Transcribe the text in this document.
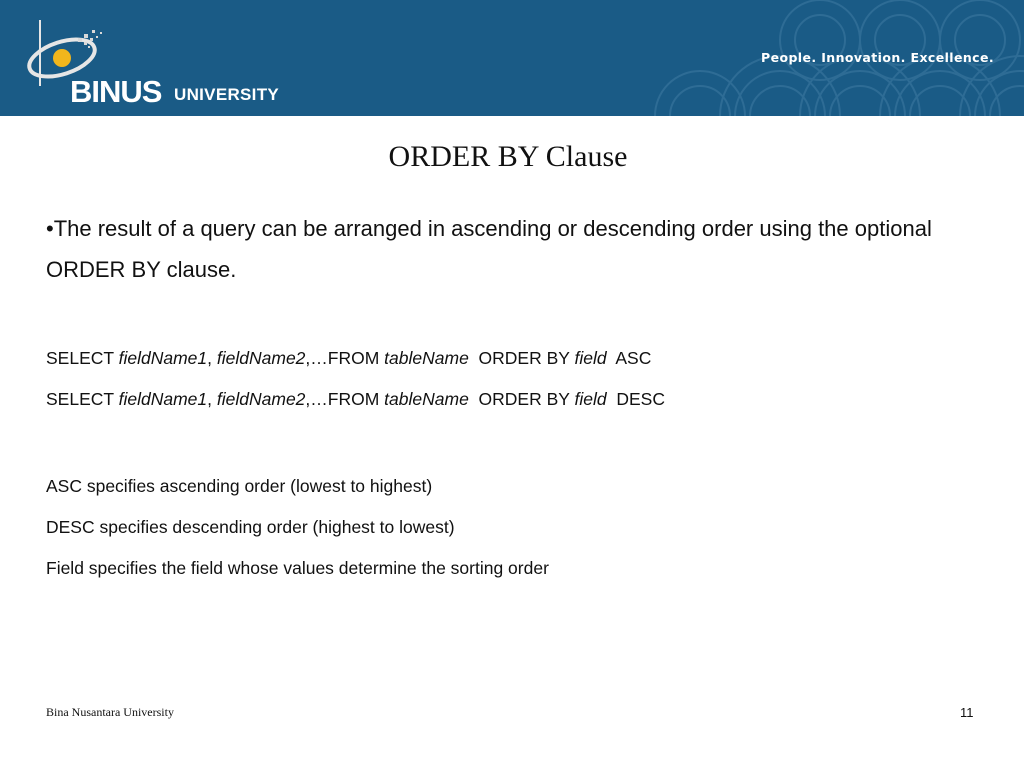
BINUS UNIVERSITY
People. Innovation. Excellence.
ORDER BY Clause

•The result of a query can be arranged in ascending or descending order using the optional ORDER BY clause.

SELECT fieldName1, fieldName2,…FROM tableName  ORDER BY field  ASC

SELECT fieldName1, fieldName2,…FROM tableName  ORDER BY field  DESC

ASC specifies ascending order (lowest to highest)

DESC specifies descending order (highest to lowest)

Field specifies the field whose values determine the sorting order

Bina Nusantara University	11
